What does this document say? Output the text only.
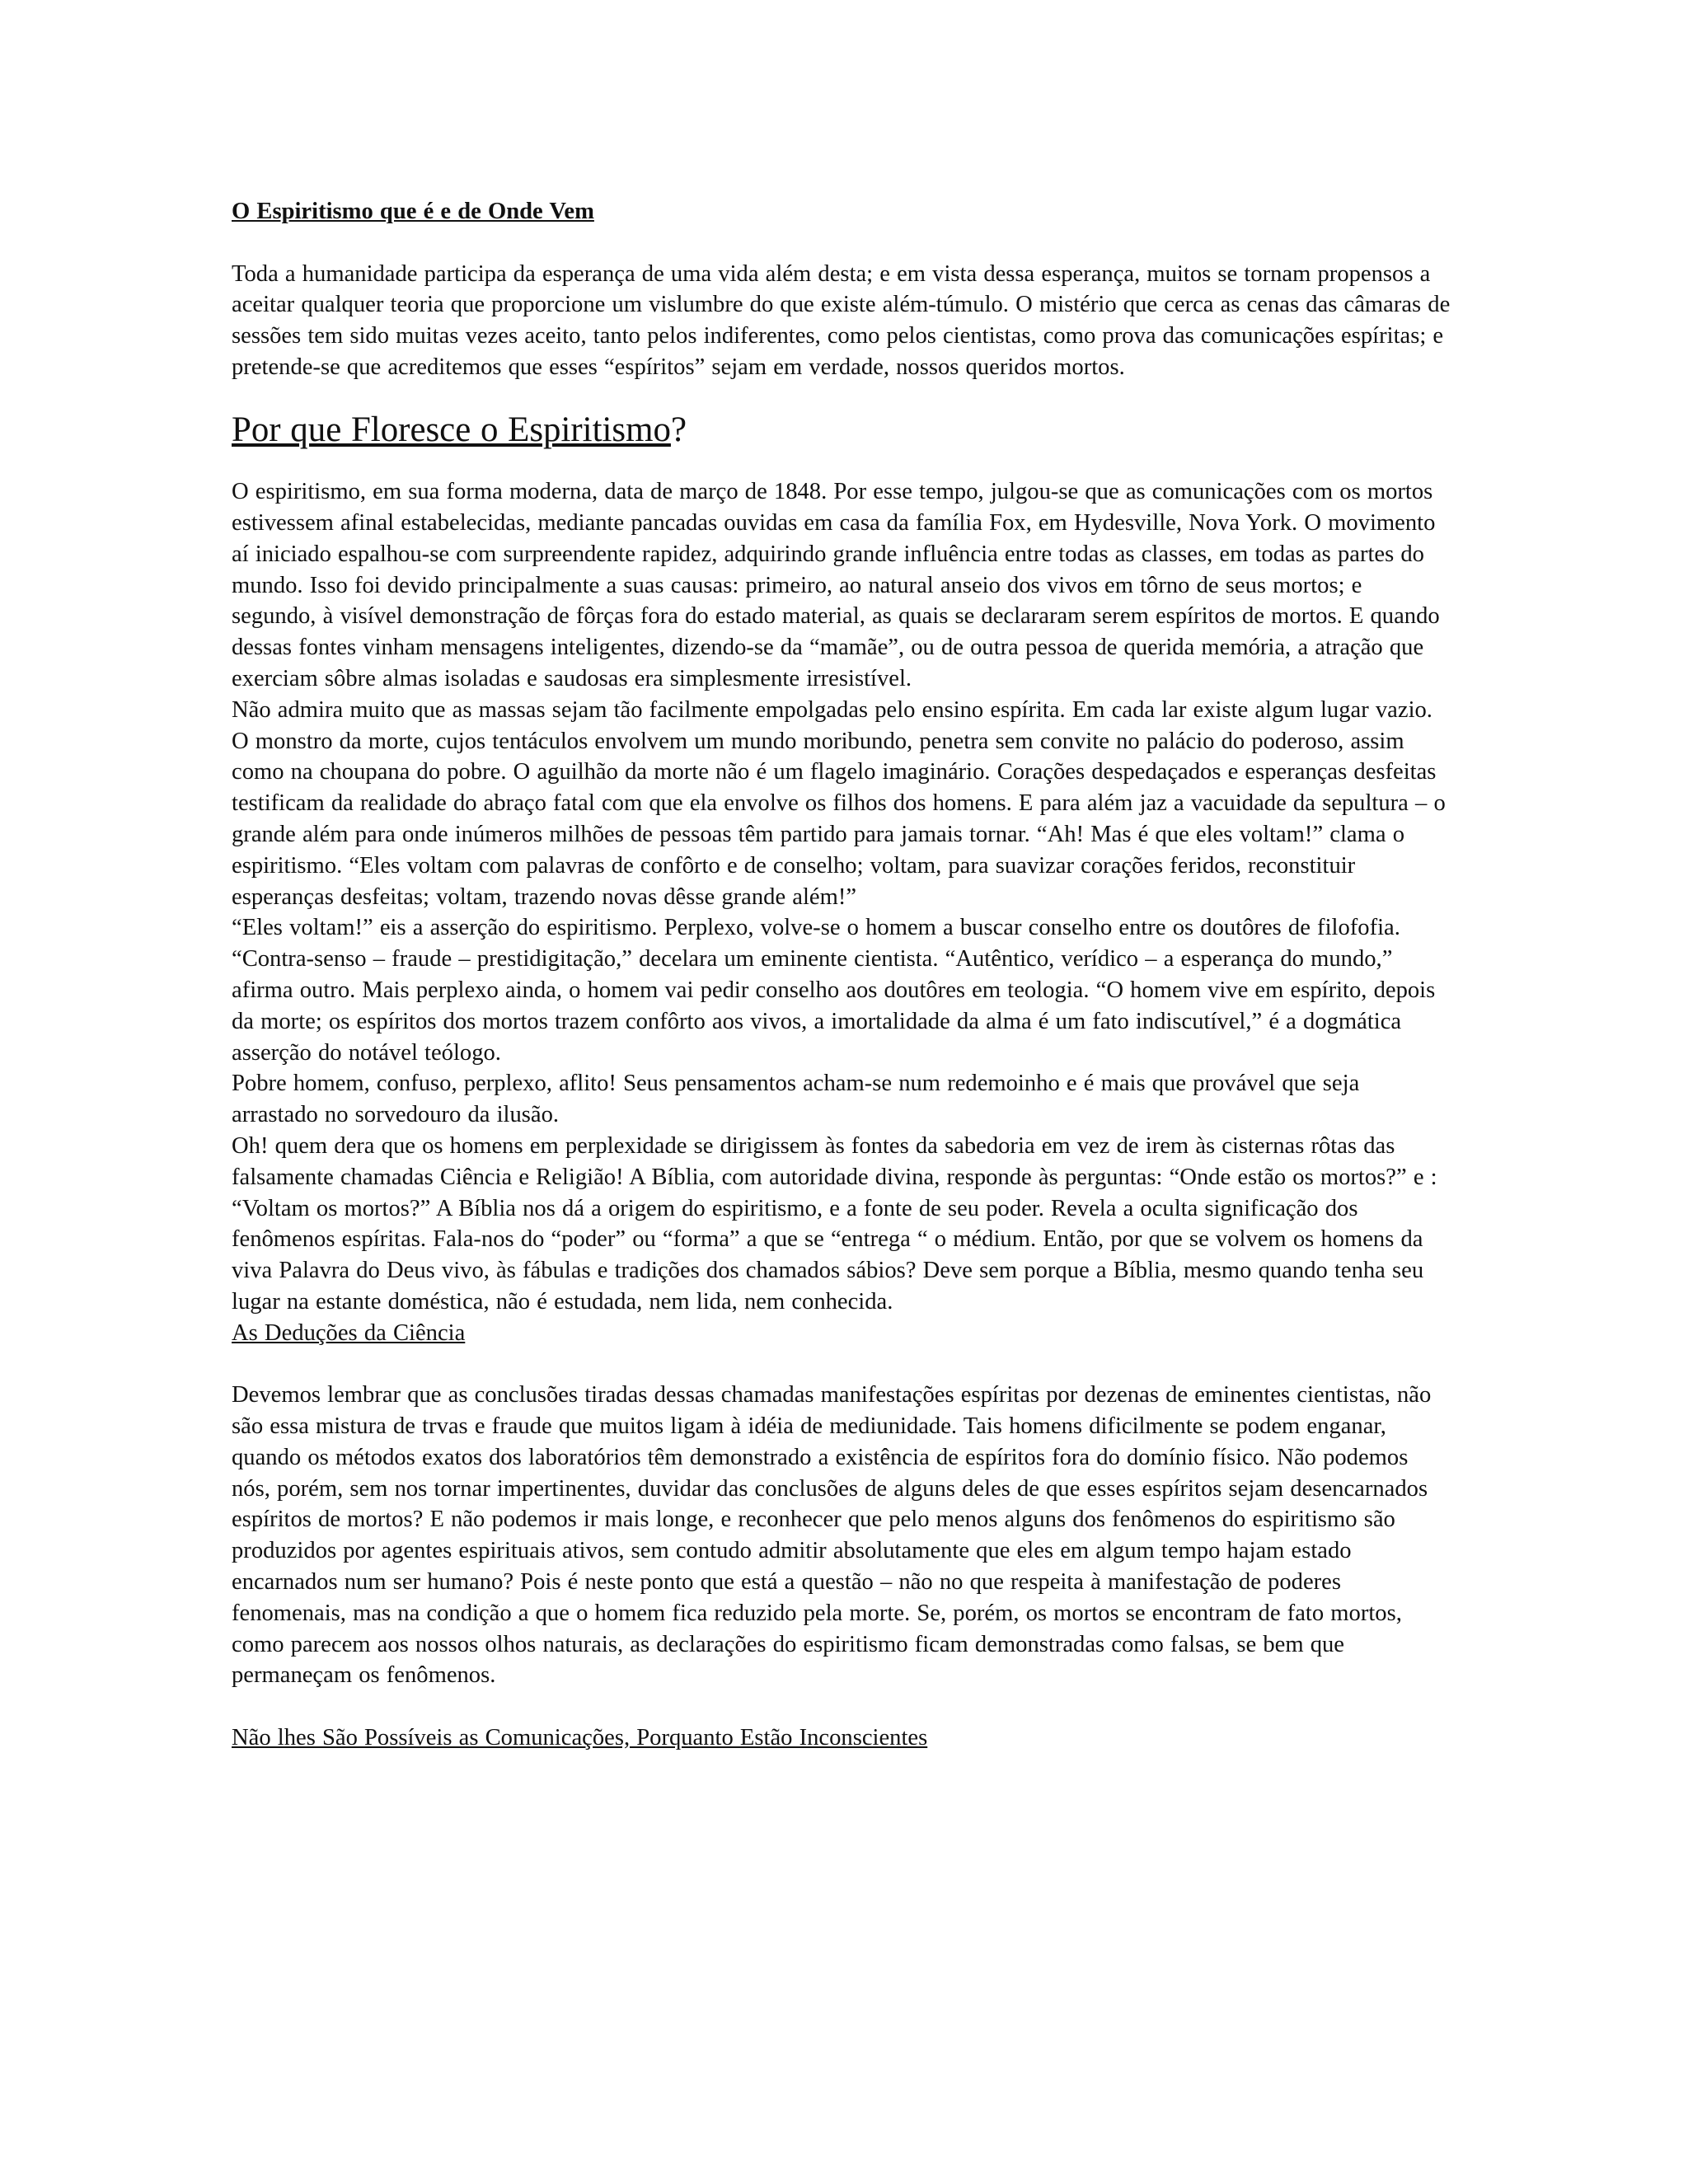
O Espiritismo que é e de Onde Vem

Toda a humanidade participa da esperança de uma vida além desta; e em vista dessa esperança, muitos se tornam propensos a aceitar qualquer teoria que proporcione um vislumbre do que existe além-túmulo. O mistério que cerca as cenas das câmaras de sessões tem sido muitas vezes aceito, tanto pelos indiferentes, como pelos cientistas, como prova das comunicações espíritas; e pretende-se que acreditemos que esses “espíritos” sejam em verdade, nossos queridos mortos.

Por que Floresce o Espiritismo?

O espiritismo, em sua forma moderna, data de março de 1848. Por esse tempo, julgou-se que as comunicações com os mortos estivessem afinal estabelecidas, mediante pancadas ouvidas em casa da família Fox, em Hydesville, Nova York. O movimento aí iniciado espalhou-se com surpreendente rapidez, adquirindo grande influência entre todas as classes, em todas as partes do mundo. Isso foi devido principalmente a suas causas: primeiro, ao natural anseio dos vivos em tôrno de seus mortos; e segundo, à visível demonstração de fôrças fora do estado material, as quais se declararam serem espíritos de mortos. E quando dessas fontes vinham mensagens inteligentes, dizendo-se da “mamãe”, ou de outra pessoa de querida memória, a atração que exerciam sôbre almas isoladas e saudosas era simplesmente irresistível.

Não admira muito que as massas sejam tão facilmente empolgadas pelo ensino espírita. Em cada lar existe algum lugar vazio. O monstro da morte, cujos tentáculos envolvem um mundo moribundo, penetra sem convite no palácio do poderoso, assim como na choupana do pobre. O aguilhão da morte não é um flagelo imaginário. Corações despedaçados e esperanças desfeitas testificam da realidade do abraço fatal com que ela envolve os filhos dos homens. E para além jaz a vacuidade da sepultura – o grande além para onde inúmeros milhões de pessoas têm partido para jamais tornar. “Ah! Mas é que eles voltam!” clama o espiritismo. “Eles voltam com palavras de confôrto e de conselho; voltam, para suavizar corações feridos, reconstituir esperanças desfeitas; voltam, trazendo novas dêsse grande além!”

“Eles voltam!” eis a asserção do espiritismo. Perplexo, volve-se o homem a buscar conselho entre os doutôres de filofofia. “Contra-senso – fraude – prestidigitação,” decelara um eminente cientista. “Autêntico, verídico – a esperança do mundo,” afirma outro. Mais perplexo ainda, o homem vai pedir conselho aos doutôres em teologia. “O homem vive em espírito, depois da morte; os espíritos dos mortos trazem confôrto aos vivos, a imortalidade da alma é um fato indiscutível,” é a dogmática asserção do notável teólogo.

Pobre homem, confuso, perplexo, aflito! Seus pensamentos acham-se num redemoinho e é mais que provável que seja arrastado no sorvedouro da ilusão.

Oh! quem dera que os homens em perplexidade se dirigissem às fontes da sabedoria em vez de irem às cisternas rôtas das falsamente chamadas Ciência e Religião! A Bíblia, com autoridade divina, responde às perguntas: “Onde estão os mortos?” e : “Voltam os mortos?” A Bíblia nos dá a origem do espiritismo, e a fonte de seu poder. Revela a oculta significação dos fenômenos espíritas. Fala-nos do “poder” ou “forma” a que se “entrega “ o médium. Então, por que se volvem os homens da viva Palavra do Deus vivo, às fábulas e tradições dos chamados sábios? Deve sem porque a Bíblia, mesmo quando tenha seu lugar na estante doméstica, não é estudada, nem lida, nem conhecida.

As Deduções da Ciência

Devemos lembrar que as conclusões tiradas dessas chamadas manifestações espíritas por dezenas de eminentes cientistas, não são essa mistura de trvas e fraude que muitos ligam à idéia de mediunidade. Tais homens dificilmente se podem enganar, quando os métodos exatos dos laboratórios têm demonstrado a existência de espíritos fora do domínio físico. Não podemos nós, porém, sem nos tornar impertinentes, duvidar das conclusões de alguns deles de que esses espíritos sejam desencarnados espíritos de mortos? E não podemos ir mais longe, e reconhecer que pelo menos alguns dos fenômenos do espiritismo são produzidos por agentes espirituais ativos, sem contudo admitir absolutamente que eles em algum tempo hajam estado encarnados num ser humano? Pois é neste ponto que está a questão – não no que respeita à manifestação de poderes fenomenais, mas na condição a que o homem fica reduzido pela morte. Se, porém, os mortos se encontram de fato mortos, como parecem aos nossos olhos naturais, as declarações do espiritismo ficam demonstradas como falsas, se bem que permaneçam os fenômenos.

Não lhes São Possíveis as Comunicações, Porquanto Estão Inconscientes
